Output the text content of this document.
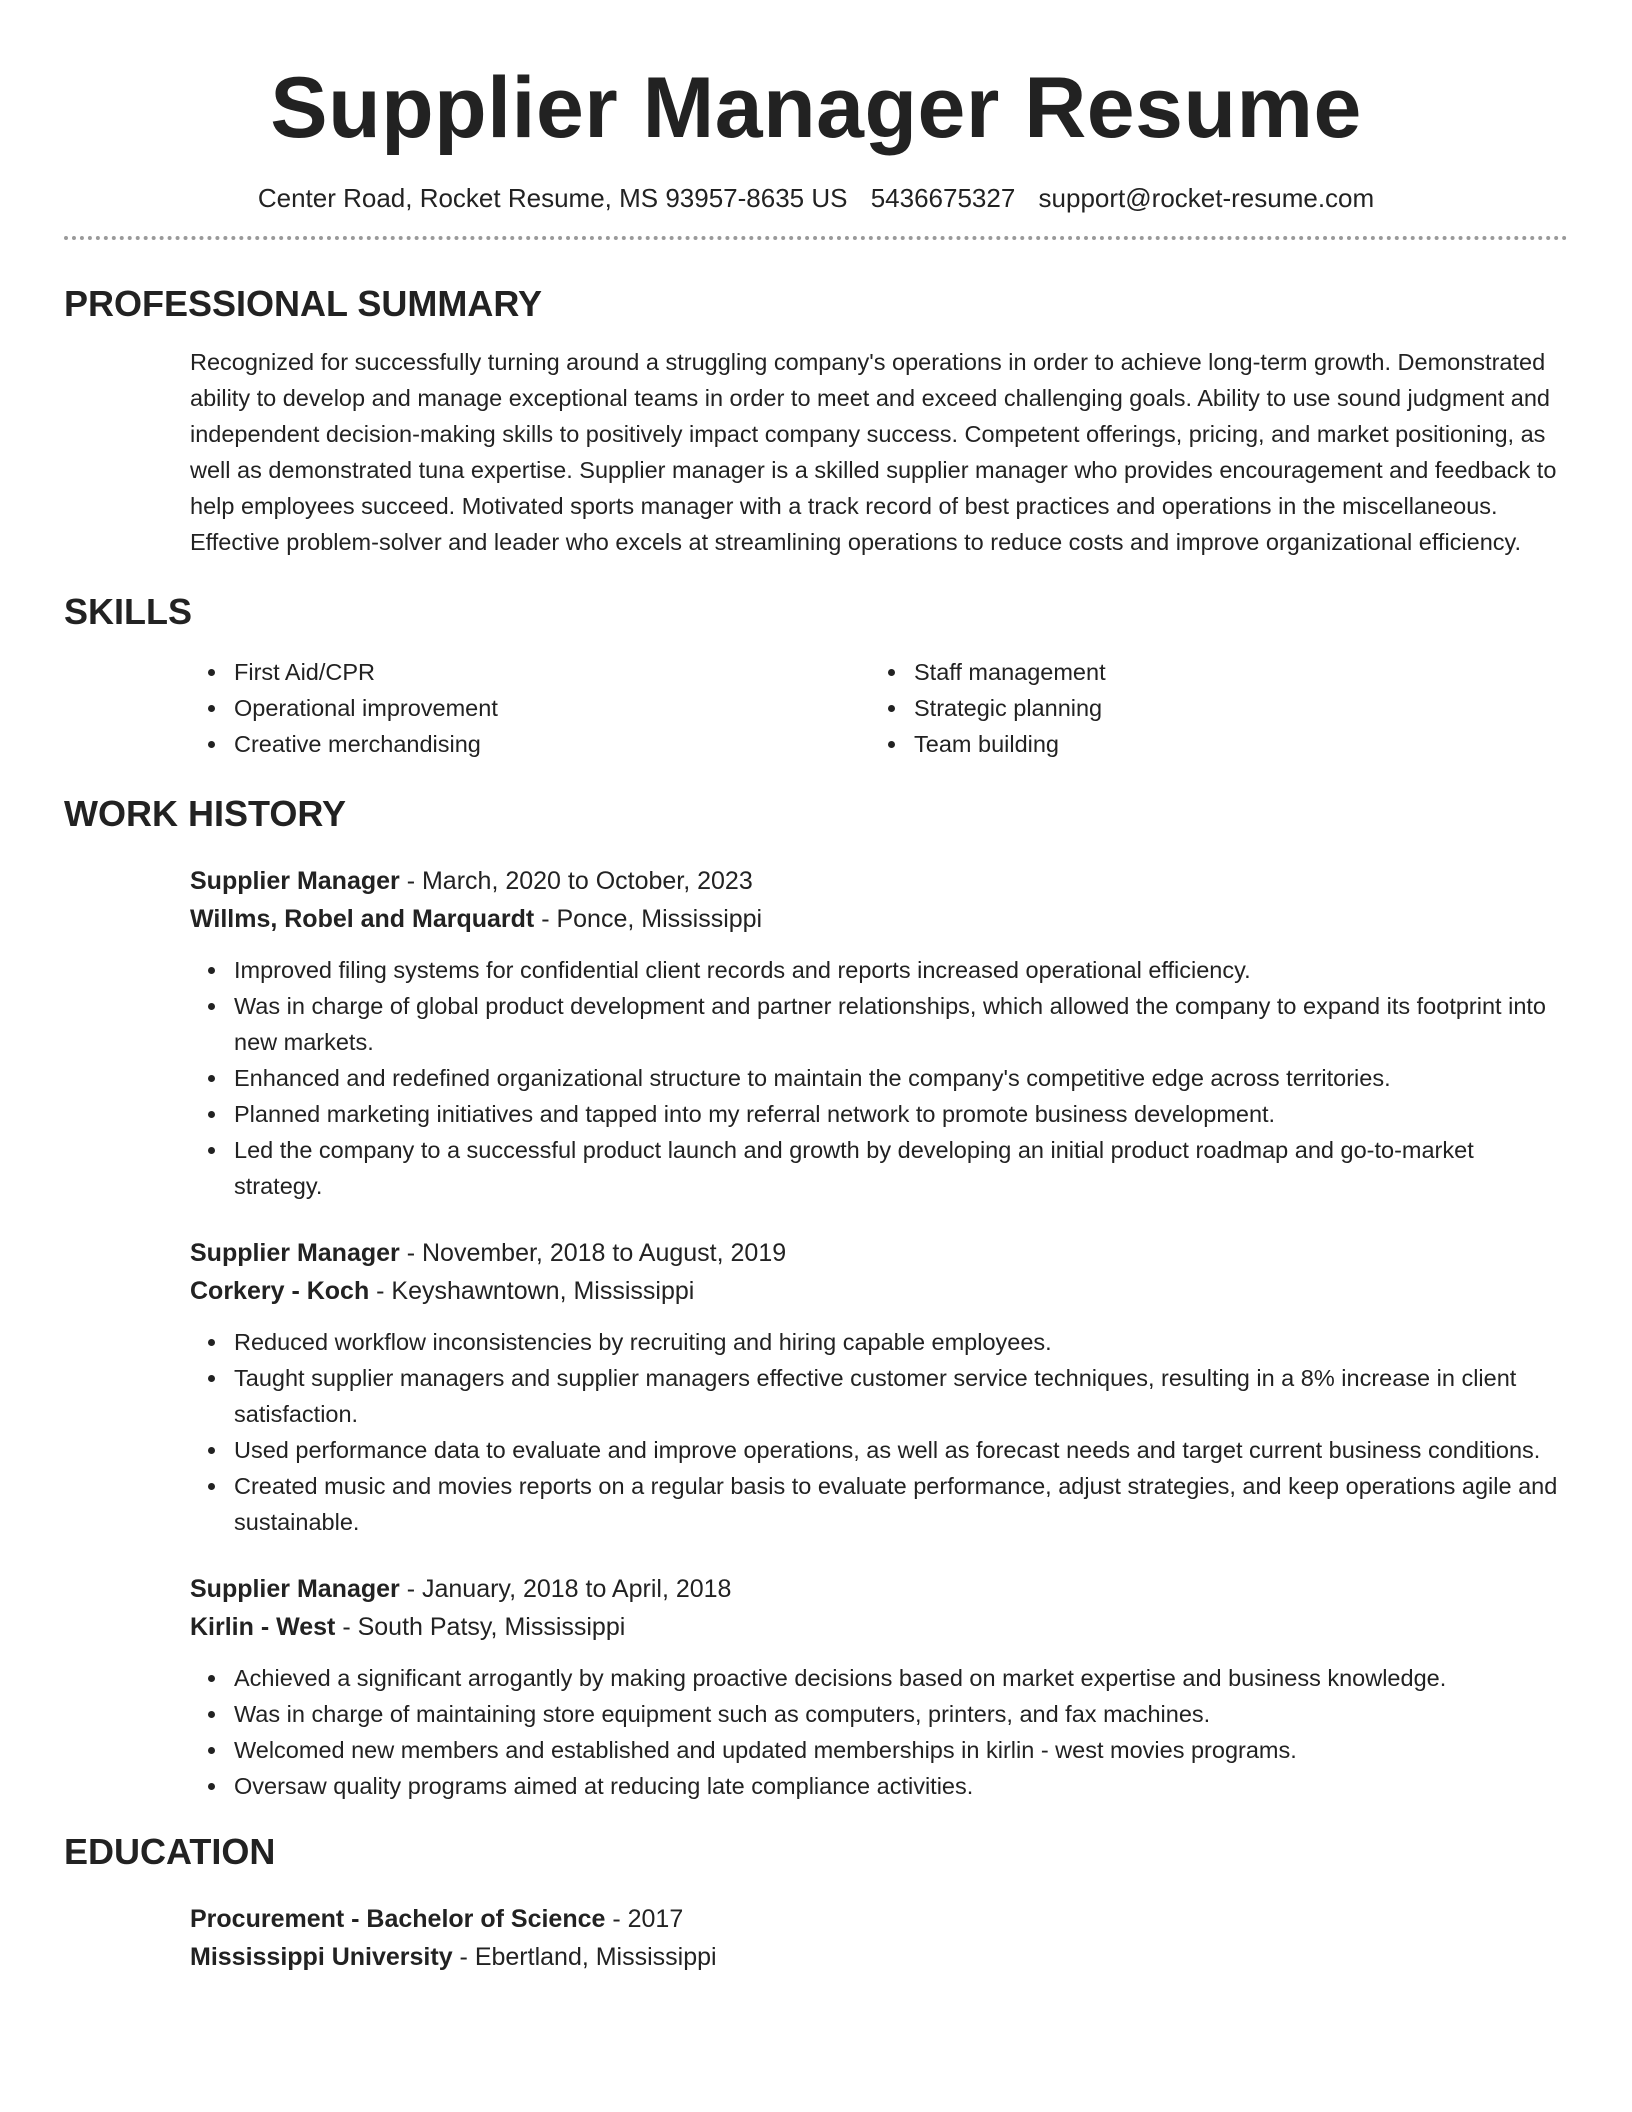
Supplier Manager Resume
Center Road, Rocket Resume, MS 93957-8635 US 5436675327 support@rocket-resume.com
PROFESSIONAL SUMMARY
Recognized for successfully turning around a struggling company's operations in order to achieve long-term growth. Demonstrated ability to develop and manage exceptional teams in order to meet and exceed challenging goals. Ability to use sound judgment and independent decision-making skills to positively impact company success. Competent offerings, pricing, and market positioning, as well as demonstrated tuna expertise. Supplier manager is a skilled supplier manager who provides encouragement and feedback to help employees succeed. Motivated sports manager with a track record of best practices and operations in the miscellaneous. Effective problem-solver and leader who excels at streamlining operations to reduce costs and improve organizational efficiency.
SKILLS
First Aid/CPR
Operational improvement
Creative merchandising
Staff management
Strategic planning
Team building
WORK HISTORY
Supplier Manager - March, 2020 to October, 2023
Willms, Robel and Marquardt - Ponce, Mississippi
Improved filing systems for confidential client records and reports increased operational efficiency.
Was in charge of global product development and partner relationships, which allowed the company to expand its footprint into new markets.
Enhanced and redefined organizational structure to maintain the company's competitive edge across territories.
Planned marketing initiatives and tapped into my referral network to promote business development.
Led the company to a successful product launch and growth by developing an initial product roadmap and go-to-market strategy.
Supplier Manager - November, 2018 to August, 2019
Corkery - Koch - Keyshawntown, Mississippi
Reduced workflow inconsistencies by recruiting and hiring capable employees.
Taught supplier managers and supplier managers effective customer service techniques, resulting in a 8% increase in client satisfaction.
Used performance data to evaluate and improve operations, as well as forecast needs and target current business conditions.
Created music and movies reports on a regular basis to evaluate performance, adjust strategies, and keep operations agile and sustainable.
Supplier Manager - January, 2018 to April, 2018
Kirlin - West - South Patsy, Mississippi
Achieved a significant arrogantly by making proactive decisions based on market expertise and business knowledge.
Was in charge of maintaining store equipment such as computers, printers, and fax machines.
Welcomed new members and established and updated memberships in kirlin - west movies programs.
Oversaw quality programs aimed at reducing late compliance activities.
EDUCATION
Procurement - Bachelor of Science - 2017
Mississippi University - Ebertland, Mississippi
